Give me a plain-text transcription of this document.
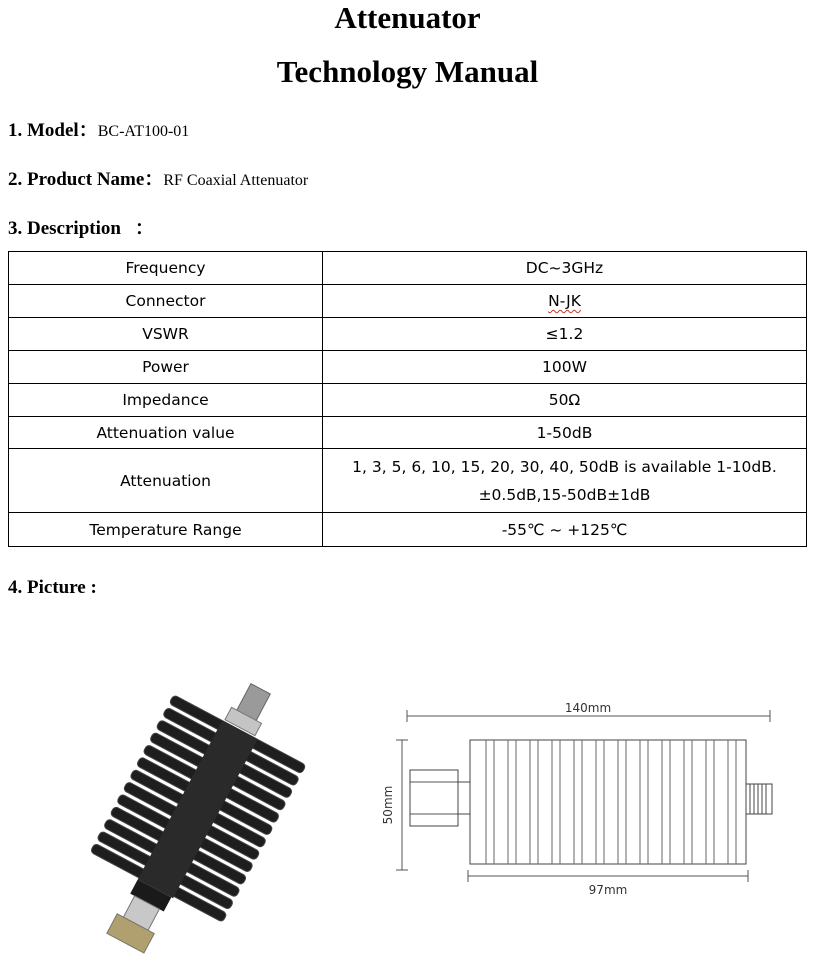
Attenuator
Technology Manual
1. Model：BC-AT100-01
2. Product Name：RF Coaxial Attenuator
3. Description ：
Frequency	DC~3GHz
Connector	N-JK
VSWR	≤1.2
Power	100W
Impedance	50Ω
Attenuation value	1-50dB
Attenuation	1, 3, 5, 6, 10, 15, 20, 30, 40, 50dB is available 1-10dB.
±0.5dB,15-50dB±1dB

Temperature Range	-55℃ ~ +125℃
4. Picture :
140mm
97mm
50mm
